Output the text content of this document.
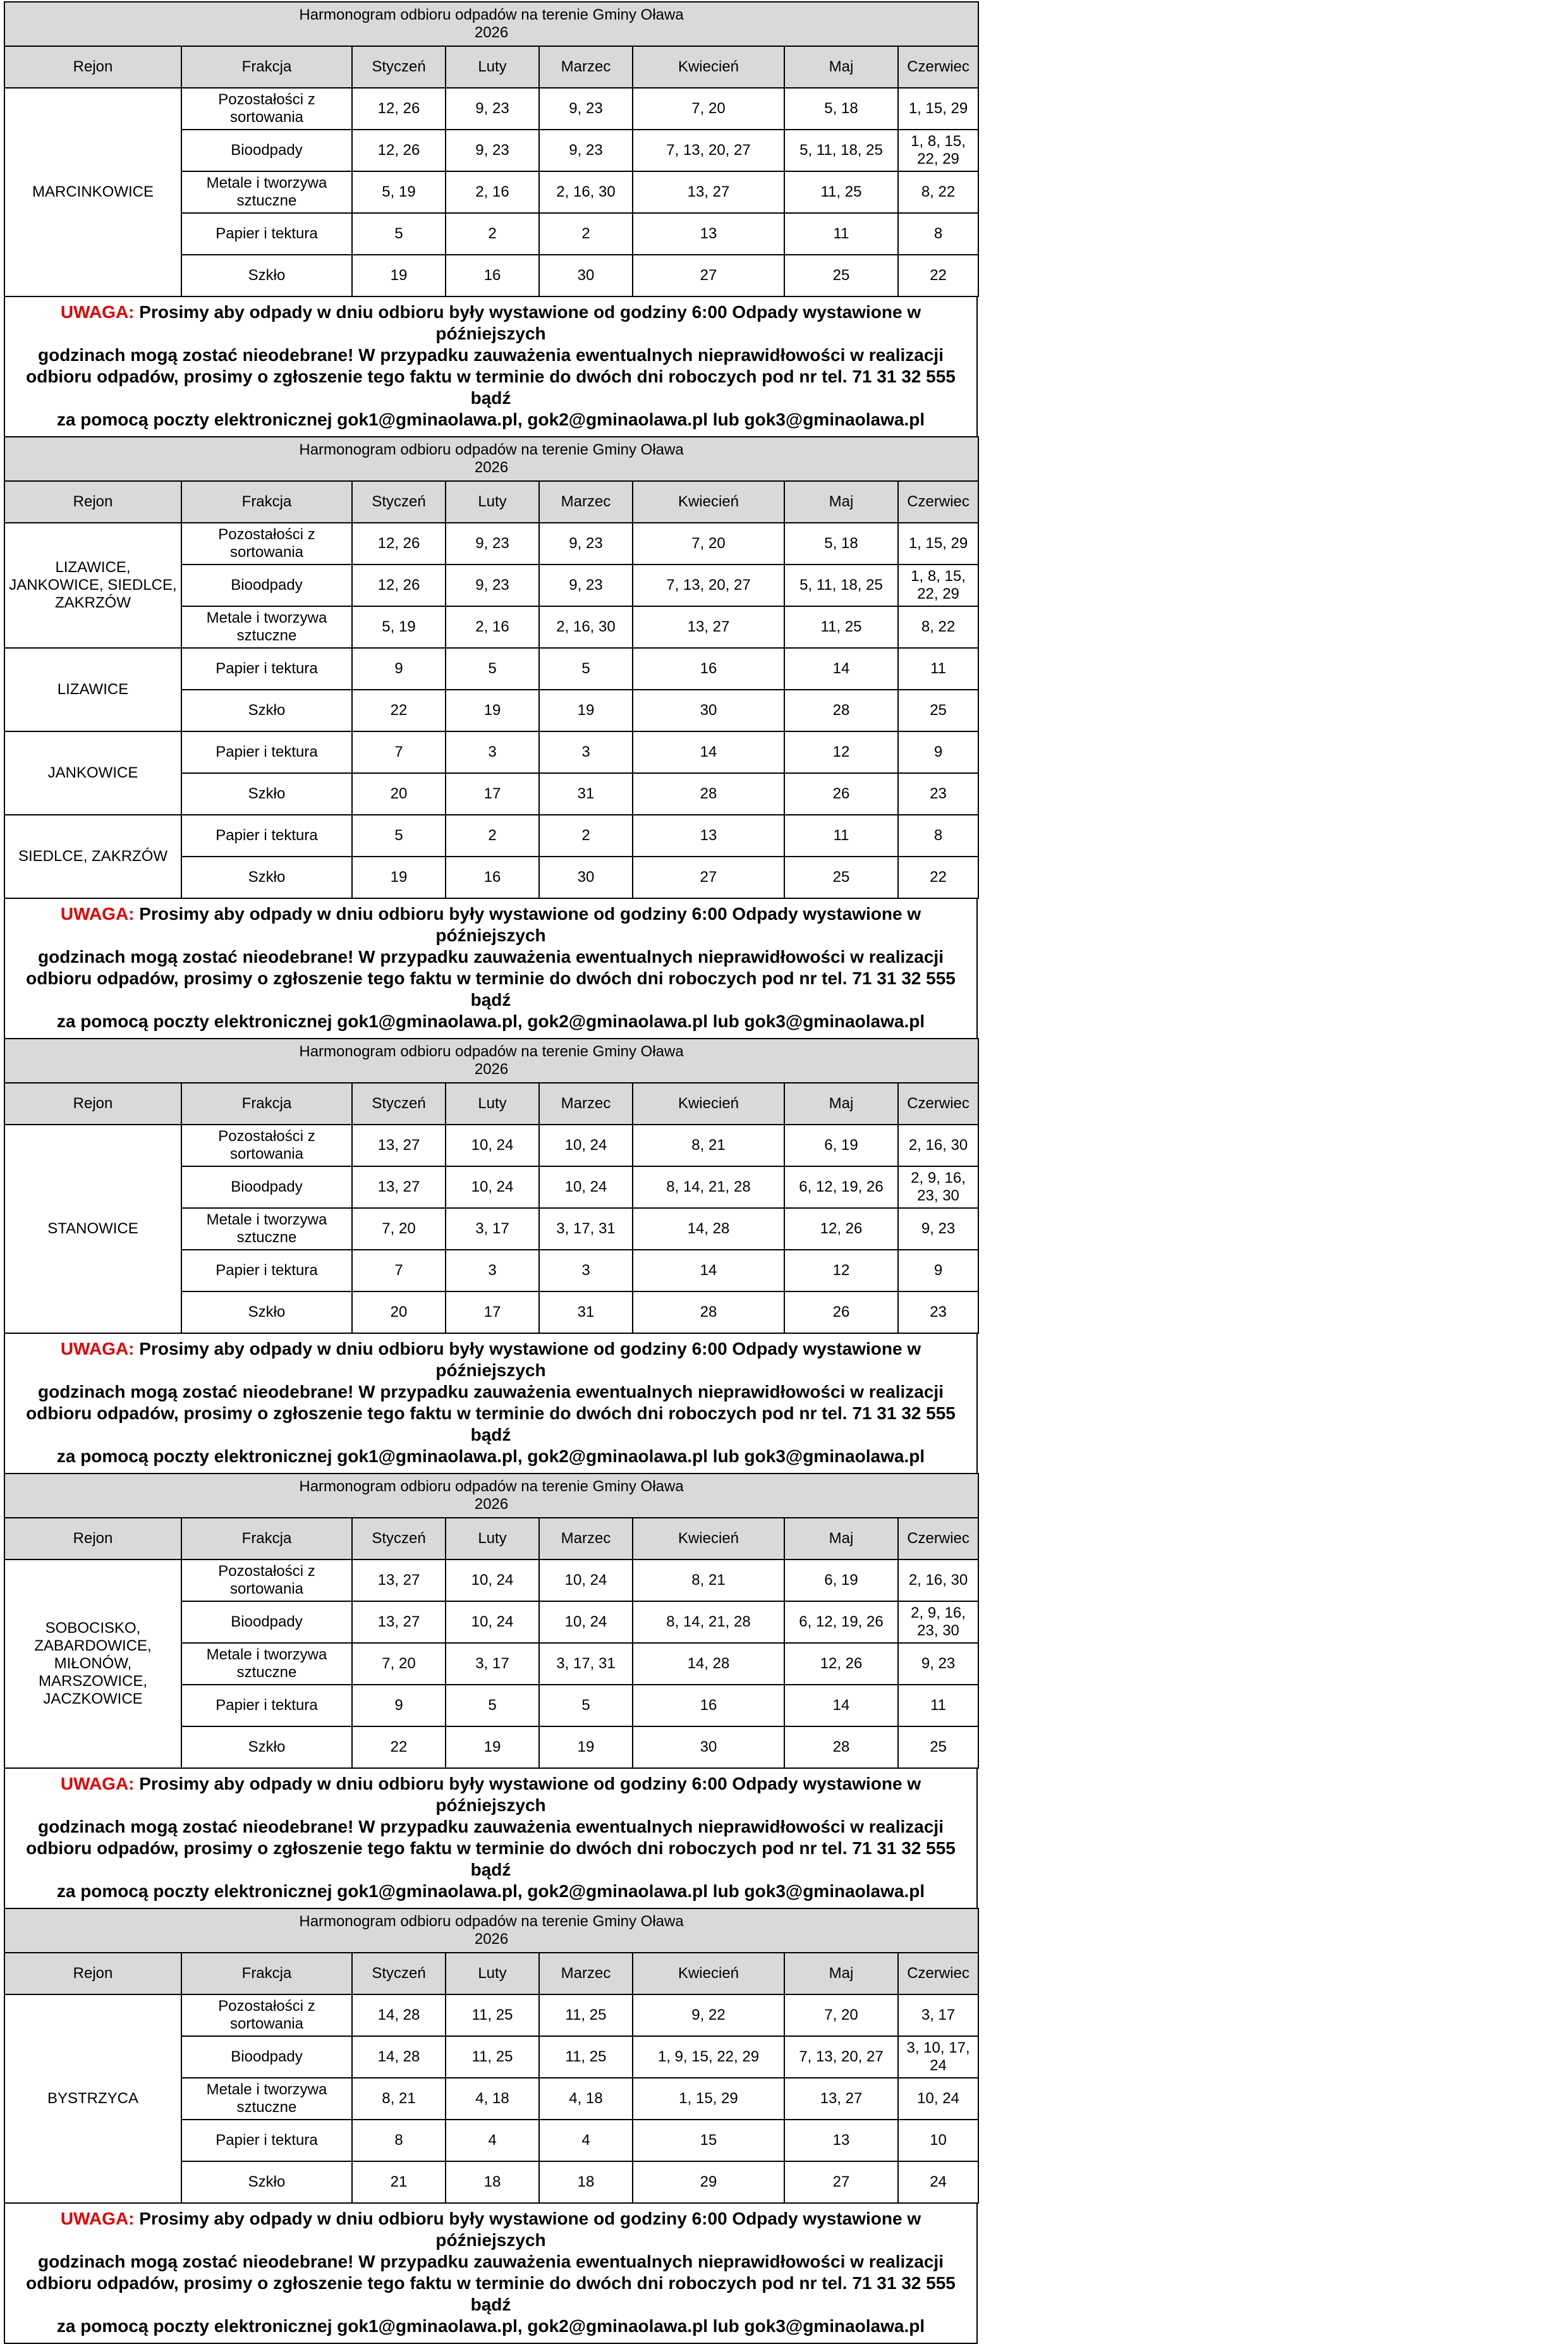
Harmonogram odbioru odpadów na terenie Gminy Oława
2026							

Rejon	Frakcja	Styczeń	Luty	Marzec	Kwiecień	Maj	Czerwiec
MARCINKOWICE	Pozostałości z sortowania	12, 26	9, 23	9, 23	7, 20	5, 18	1, 15, 29
	Bioodpady	12, 26	9, 23	9, 23	7, 13, 20, 27	5, 11, 18, 25	1, 8, 15, 22, 29
	Metale i tworzywa sztuczne	5, 19	2, 16	2, 16, 30	13, 27	11, 25	8, 22
	Papier i tektura	5	2	2	13	11	8
	Szkło	19	16	30	27	25	22

UWAGA: Prosimy aby odpady w dniu odbioru były wystawione od godziny 6:00 Odpady wystawione w późniejszych

godzinach mogą zostać nieodebrane! W przypadku zauważenia ewentualnych nieprawidłowości w realizacji

odbioru odpadów, prosimy o zgłoszenie tego faktu w terminie do dwóch dni roboczych pod nr tel. 71 31 32 555 bądź

za pomocą poczty elektronicznej gok1@gminaolawa.pl, gok2@gminaolawa.pl lub gok3@gminaolawa.pl

Harmonogram odbioru odpadów na terenie Gminy Oława
2026							

Rejon	Frakcja	Styczeń	Luty	Marzec	Kwiecień	Maj	Czerwiec
LIZAWICE, JANKOWICE, SIEDLCE, ZAKRZÓW	Pozostałości z sortowania	12, 26	9, 23	9, 23	7, 20	5, 18	1, 15, 29
	Bioodpady	12, 26	9, 23	9, 23	7, 13, 20, 27	5, 11, 18, 25	1, 8, 15, 22, 29
	Metale i tworzywa sztuczne	5, 19	2, 16	2, 16, 30	13, 27	11, 25	8, 22
LIZAWICE	Papier i tektura	9	5	5	16	14	11
	Szkło	22	19	19	30	28	25
JANKOWICE	Papier i tektura	7	3	3	14	12	9
	Szkło	20	17	31	28	26	23
SIEDLCE, ZAKRZÓW	Papier i tektura	5	2	2	13	11	8
	Szkło	19	16	30	27	25	22

UWAGA: Prosimy aby odpady w dniu odbioru były wystawione od godziny 6:00 Odpady wystawione w późniejszych

godzinach mogą zostać nieodebrane! W przypadku zauważenia ewentualnych nieprawidłowości w realizacji

odbioru odpadów, prosimy o zgłoszenie tego faktu w terminie do dwóch dni roboczych pod nr tel. 71 31 32 555 bądź

za pomocą poczty elektronicznej gok1@gminaolawa.pl, gok2@gminaolawa.pl lub gok3@gminaolawa.pl

Harmonogram odbioru odpadów na terenie Gminy Oława
2026							

Rejon	Frakcja	Styczeń	Luty	Marzec	Kwiecień	Maj	Czerwiec
STANOWICE	Pozostałości z sortowania	13, 27	10, 24	10, 24	8, 21	6, 19	2, 16, 30
	Bioodpady	13, 27	10, 24	10, 24	8, 14, 21, 28	6, 12, 19, 26	2, 9, 16, 23, 30
	Metale i tworzywa sztuczne	7, 20	3, 17	3, 17, 31	14, 28	12, 26	9, 23
	Papier i tektura	7	3	3	14	12	9
	Szkło	20	17	31	28	26	23

UWAGA: Prosimy aby odpady w dniu odbioru były wystawione od godziny 6:00 Odpady wystawione w późniejszych

godzinach mogą zostać nieodebrane! W przypadku zauważenia ewentualnych nieprawidłowości w realizacji

odbioru odpadów, prosimy o zgłoszenie tego faktu w terminie do dwóch dni roboczych pod nr tel. 71 31 32 555 bądź

za pomocą poczty elektronicznej gok1@gminaolawa.pl, gok2@gminaolawa.pl lub gok3@gminaolawa.pl

Harmonogram odbioru odpadów na terenie Gminy Oława
2026							

Rejon	Frakcja	Styczeń	Luty	Marzec	Kwiecień	Maj	Czerwiec
SOBOCISKO, ZABARDOWICE, MIŁONÓW, MARSZOWICE, JACZKOWICE	Pozostałości z sortowania	13, 27	10, 24	10, 24	8, 21	6, 19	2, 16, 30
	Bioodpady	13, 27	10, 24	10, 24	8, 14, 21, 28	6, 12, 19, 26	2, 9, 16, 23, 30
	Metale i tworzywa sztuczne	7, 20	3, 17	3, 17, 31	14, 28	12, 26	9, 23
	Papier i tektura	9	5	5	16	14	11
	Szkło	22	19	19	30	28	25

UWAGA: Prosimy aby odpady w dniu odbioru były wystawione od godziny 6:00 Odpady wystawione w późniejszych

godzinach mogą zostać nieodebrane! W przypadku zauważenia ewentualnych nieprawidłowości w realizacji

odbioru odpadów, prosimy o zgłoszenie tego faktu w terminie do dwóch dni roboczych pod nr tel. 71 31 32 555 bądź

za pomocą poczty elektronicznej gok1@gminaolawa.pl, gok2@gminaolawa.pl lub gok3@gminaolawa.pl

Harmonogram odbioru odpadów na terenie Gminy Oława
2026							

Rejon	Frakcja	Styczeń	Luty	Marzec	Kwiecień	Maj	Czerwiec
BYSTRZYCA	Pozostałości z sortowania	14, 28	11, 25	11, 25	9, 22	7, 20	3, 17
	Bioodpady	14, 28	11, 25	11, 25	1, 9, 15, 22, 29	7, 13, 20, 27	3, 10, 17, 24
	Metale i tworzywa sztuczne	8, 21	4, 18	4, 18	1, 15, 29	13, 27	10, 24
	Papier i tektura	8	4	4	15	13	10
	Szkło	21	18	18	29	27	24

UWAGA: Prosimy aby odpady w dniu odbioru były wystawione od godziny 6:00 Odpady wystawione w późniejszych

godzinach mogą zostać nieodebrane! W przypadku zauważenia ewentualnych nieprawidłowości w realizacji

odbioru odpadów, prosimy o zgłoszenie tego faktu w terminie do dwóch dni roboczych pod nr tel. 71 31 32 555 bądź

za pomocą poczty elektronicznej gok1@gminaolawa.pl, gok2@gminaolawa.pl lub gok3@gminaolawa.pl
